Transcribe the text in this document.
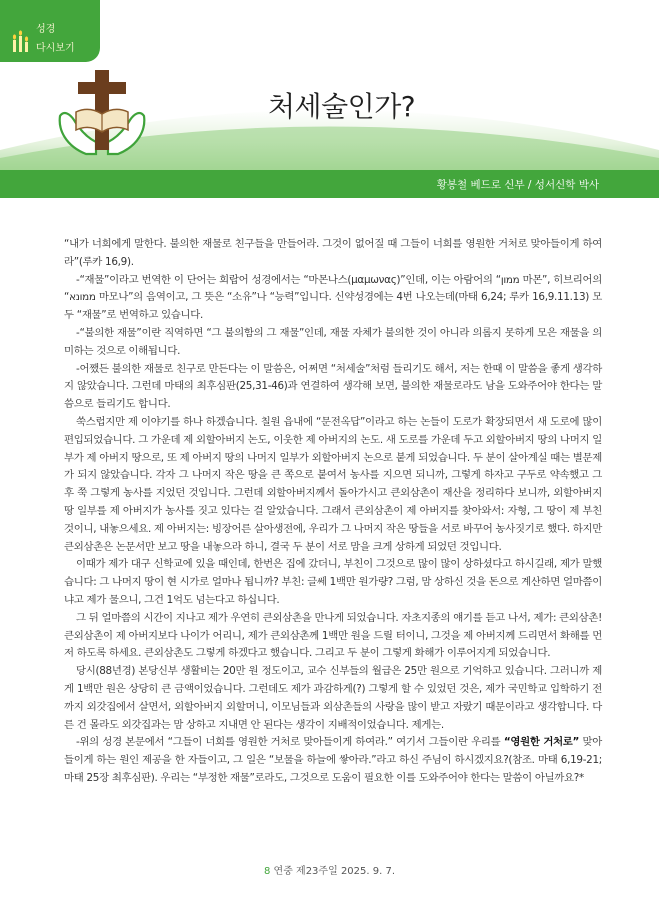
성경
다시보기
처세술인가?
황봉철 베드로 신부 / 성서신학 박사

“내가 너희에게 말한다. 불의한 재물로 친구들을 만들어라. 그것이 없어질 때 그들이 너희를 영원한 거처로 맞아들이게 하여라”(루카 16,9).

-“재물”이라고 번역한 이 단어는 희랍어 성경에서는 “마몬나스(μαμωνας)”인데, 이는 아람어의 “ממון 마몬”, 히브리어의 “ממונא 마모나”의 음역이고, 그 뜻은 “소유”나 “능력”입니다. 신약성경에는 4번 나오는데(마태 6,24; 루카 16,9.11.13) 모두 “재물”로 번역하고 있습니다.

-“불의한 재물”이란 직역하면 “그 불의함의 그 재물”인데, 재물 자체가 불의한 것이 아니라 의롭지 못하게 모은 재물을 의미하는 것으로 이해됩니다.

-어쨌든 불의한 재물로 친구로 만든다는 이 말씀은, 어쩌면 “처세술”처럼 들리기도 해서, 저는 한때 이 말씀을 좋게 생각하지 않았습니다. 그런데 마태의 최후심판(25,31-46)과 연결하여 생각해 보면, 불의한 재물로라도 남을 도와주어야 한다는 말씀으로 들리기도 합니다.

쑥스럽지만 제 이야기를 하나 하겠습니다. 칠원 읍내에 “문전옥답”이라고 하는 논들이 도로가 확장되면서 새 도로에 많이 편입되었습니다. 그 가운데 제 외할아버지 논도, 이웃한 제 아버지의 논도. 새 도로를 가운데 두고 외할아버지 땅의 나머지 일부가 제 아버지 땅으로, 또 제 아버지 땅의 나머지 일부가 외할아버지 논으로 붙게 되었습니다. 두 분이 살아계실 때는 별문제가 되지 않았습니다. 각자 그 나머지 작은 땅을 큰 쪽으로 붙여서 농사를 지으면 되니까, 그렇게 하자고 구두로 약속했고 그 후 쭉 그렇게 농사를 지었던 것입니다. 그런데 외할아버지께서 돌아가시고 큰외삼촌이 재산을 정리하다 보니까, 외할아버지 땅 일부를 제 아버지가 농사를 짓고 있다는 걸 알았습니다. 그래서 큰외삼촌이 제 아버지를 찾아와서: 자형, 그 땅이 제 부친 것이니, 내놓으세요. 제 아버지는: 빙장어른 살아생전에, 우리가 그 나머지 작은 땅들을 서로 바꾸어 농사짓기로 했다. 하지만 큰외삼촌은 논문서만 보고 땅을 내놓으라 하니, 결국 두 분이 서로 맘을 크게 상하게 되었던 것입니다.

이때가 제가 대구 신학교에 있을 때인데, 한번은 집에 갔더니, 부친이 그것으로 많이 많이 상하셨다고 하시길래, 제가 말했습니다: 그 나머지 땅이 현 시가로 얼마나 됩니까? 부친: 글쎄 1백만 원가량? 그럼, 맘 상하신 것을 돈으로 계산하면 얼마쯤이냐고 제가 물으니, 그건 1억도 넘는다고 하십니다.

그 뒤 얼마쯤의 시간이 지나고 제가 우연히 큰외삼촌을 만나게 되었습니다. 자초지종의 얘기를 듣고 나서, 제가: 큰외삼촌! 큰외삼촌이 제 아버지보다 나이가 어리니, 제가 큰외삼촌께 1백만 원을 드릴 터이니, 그것을 제 아버지께 드리면서 화해를 먼저 하도록 하세요. 큰외삼촌도 그렇게 하겠다고 했습니다. 그리고 두 분이 그렇게 화해가 이루어지게 되었습니다.

당시(88년경) 본당신부 생활비는 20만 원 정도이고, 교수 신부들의 월급은 25만 원으로 기억하고 있습니다. 그러니까 제게 1백만 원은 상당히 큰 금액이었습니다. 그런데도 제가 과감하게(?) 그렇게 할 수 있었던 것은, 제가 국민학교 입학하기 전까지 외갓집에서 살면서, 외할아버지 외할머니, 이모님들과 외삼촌들의 사랑을 많이 받고 자랐기 때문이라고 생각합니다. 다른 건 몰라도 외갓집과는 맘 상하고 지내면 안 된다는 생각이 지배적이었습니다. 제게는.

-위의 성경 본문에서 “그들이 너희를 영원한 거처로 맞아들이게 하여라.” 여기서 그들이란 우리를 “영원한 거처로” 맞아들이게 하는 원인 제공을 한 자들이고, 그 일은 “보물을 하늘에 쌓아라.”라고 하신 주님이 하시겠지요?(참조. 마태 6,19-21; 마태 25장 최후심판). 우리는 “부정한 재물”로라도, 그것으로 도움이 필요한 이를 도와주어야 한다는 말씀이 아닐까요?*

8 연중 제23주일 2025. 9. 7.
